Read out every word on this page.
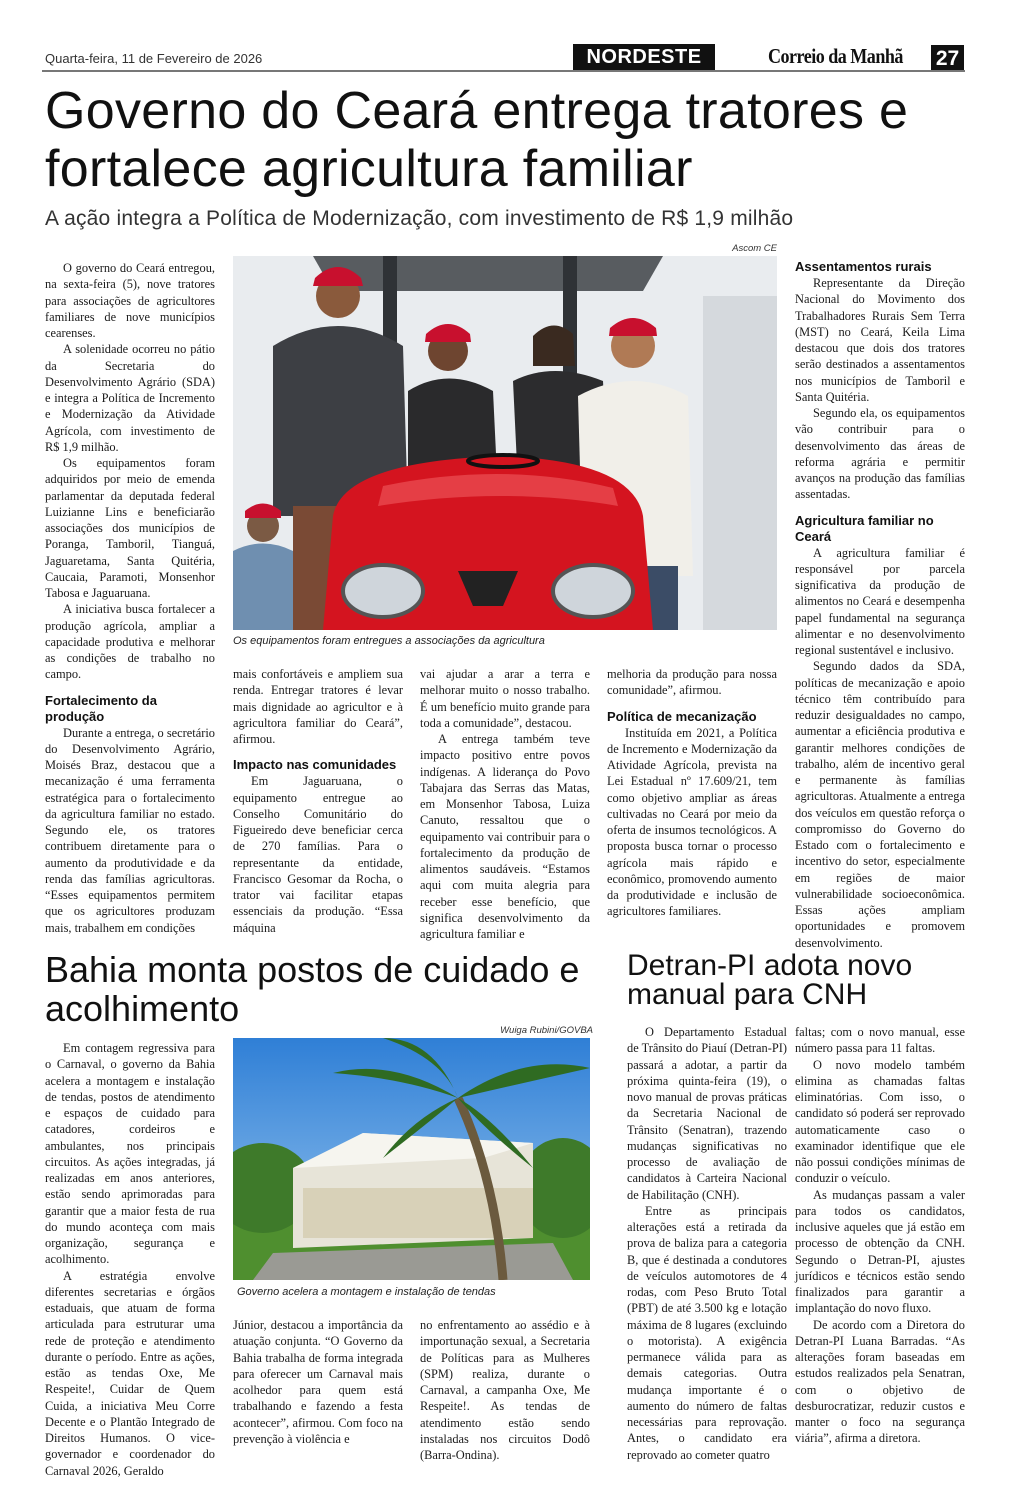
Quarta-feira, 11 de Fevereiro de 2026	NORDESTE	Correio da Manhã 27
Governo do Ceará entrega tratores e fortalece agricultura familiar
A ação integra a Política de Modernização, com investimento de R$ 1,9 milhão
Ascom CE
Os equipamentos foram entregues a associações da agricultura

O governo do Ceará entregou, na sexta-feira (5), nove tratores para associações de agricultores familiares de nove municípios cearenses.

A solenidade ocorreu no pátio da Secretaria do Desenvolvimento Agrário (SDA) e integra a Política de Incremento e Modernização da Atividade Agrícola, com investimento de R$ 1,9 milhão.

Os equipamentos foram adquiridos por meio de emenda parlamentar da deputada federal Luizianne Lins e beneficiarão associações dos municípios de Poranga, Tamboril, Tianguá, Jaguaretama, Santa Quitéria, Caucaia, Paramoti, Monsenhor Tabosa e Jaguaruana.

A iniciativa busca fortalecer a produção agrícola, ampliar a capacidade produtiva e melhorar as condições de trabalho no campo.

Fortalecimento da produção

Durante a entrega, o secretário do Desenvolvimento Agrário, Moisés Braz, destacou que a mecanização é uma ferramenta estratégica para o fortalecimento da agricultura familiar no estado. Segundo ele, os tratores contribuem diretamente para o aumento da produtividade e da renda das famílias agricultoras. “Esses equipamentos permitem que os agricultores produzam mais, trabalhem em condições

mais confortáveis e ampliem sua renda. Entregar tratores é levar mais dignidade ao agricultor e à agricultora familiar do Ceará”, afirmou.

Impacto nas comunidades

Em Jaguaruana, o equipamento entregue ao Conselho Comunitário do Figueiredo deve beneficiar cerca de 270 famílias. Para o representante da entidade, Francisco Gesomar da Rocha, o trator vai facilitar etapas essenciais da produção. “Essa máquina

vai ajudar a arar a terra e melhorar muito o nosso trabalho. É um benefício muito grande para toda a comunidade”, destacou.

A entrega também teve impacto positivo entre povos indígenas. A liderança do Povo Tabajara das Serras das Matas, em Monsenhor Tabosa, Luiza Canuto, ressaltou que o equipamento vai contribuir para o fortalecimento da produção de alimentos saudáveis. “Estamos aqui com muita alegria para receber esse benefício, que significa desenvolvimento da agricultura familiar e

melhoria da produção para nossa comunidade”, afirmou.

Política de mecanização

Instituída em 2021, a Política de Incremento e Modernização da Atividade Agrícola, prevista na Lei Estadual nº 17.609/21, tem como objetivo ampliar as áreas cultivadas no Ceará por meio da oferta de insumos tecnológicos. A proposta busca tornar o processo agrícola mais rápido e econômico, promovendo aumento da produtividade e inclusão de agricultores familiares.

Assentamentos rurais

Representante da Direção Nacional do Movimento dos Trabalhadores Rurais Sem Terra (MST) no Ceará, Keila Lima destacou que dois dos tratores serão destinados a assentamentos nos municípios de Tamboril e Santa Quitéria.

Segundo ela, os equipamentos vão contribuir para o desenvolvimento das áreas de reforma agrária e permitir avanços na produção das famílias assentadas.

Agricultura familiar no Ceará

A agricultura familiar é responsável por parcela significativa da produção de alimentos no Ceará e desempenha papel fundamental na segurança alimentar e no desenvolvimento regional sustentável e inclusivo.

Segundo dados da SDA, políticas de mecanização e apoio técnico têm contribuído para reduzir desigualdades no campo, aumentar a eficiência produtiva e garantir melhores condições de trabalho, além de incentivo geral e permanente às famílias agricultoras. Atualmente a entrega dos veículos em questão reforça o compromisso do Governo do Estado com o fortalecimento e incentivo do setor, especialmente em regiões de maior vulnerabilidade socioeconômica. Essas ações ampliam oportunidades e promovem desenvolvimento.

Bahia monta postos de cuidado e acolhimento
Wuiga Rubini/GOVBA
Governo acelera a montagem e instalação de tendas

Em contagem regressiva para o Carnaval, o governo da Bahia acelera a montagem e instalação de tendas, postos de atendimento e espaços de cuidado para catadores, cordeiros e ambulantes, nos principais circuitos. As ações integradas, já realizadas em anos anteriores, estão sendo aprimoradas para garantir que a maior festa de rua do mundo aconteça com mais organização, segurança e acolhimento.

A estratégia envolve diferentes secretarias e órgãos estaduais, que atuam de forma articulada para estruturar uma rede de proteção e atendimento durante o período. Entre as ações, estão as tendas Oxe, Me Respeite!, Cuidar de Quem Cuida, a iniciativa Meu Corre Decente e o Plantão Integrado de Direitos Humanos. O vice-governador e coordenador do Carnaval 2026, Geraldo

Júnior, destacou a importância da atuação conjunta. “O Governo da Bahia trabalha de forma integrada para oferecer um Carnaval mais acolhedor para quem está trabalhando e fazendo a festa acontecer”, afirmou. Com foco na prevenção à violência e

no enfrentamento ao assédio e à importunação sexual, a Secretaria de Políticas para as Mulheres (SPM) realiza, durante o Carnaval, a campanha Oxe, Me Respeite!. As tendas de atendimento estão sendo instaladas nos circuitos Dodô (Barra-Ondina).

Detran-PI adota novo manual para CNH

O Departamento Estadual de Trânsito do Piauí (Detran-PI) passará a adotar, a partir da próxima quinta-feira (19), o novo manual de provas práticas da Secretaria Nacional de Trânsito (Senatran), trazendo mudanças significativas no processo de avaliação de candidatos à Carteira Nacional de Habilitação (CNH).

Entre as principais alterações está a retirada da prova de baliza para a categoria B, que é destinada a condutores de veículos automotores de 4 rodas, com Peso Bruto Total (PBT) de até 3.500 kg e lotação máxima de 8 lugares (excluindo o motorista). A exigência permanece válida para as demais categorias. Outra mudança importante é o aumento do número de faltas necessárias para reprovação. Antes, o candidato era reprovado ao cometer quatro

faltas; com o novo manual, esse número passa para 11 faltas.

O novo modelo também elimina as chamadas faltas eliminatórias. Com isso, o candidato só poderá ser reprovado automaticamente caso o examinador identifique que ele não possui condições mínimas de conduzir o veículo.

As mudanças passam a valer para todos os candidatos, inclusive aqueles que já estão em processo de obtenção da CNH. Segundo o Detran-PI, ajustes jurídicos e técnicos estão sendo finalizados para garantir a implantação do novo fluxo.

De acordo com a Diretora do Detran-PI Luana Barradas. “As alterações foram baseadas em estudos realizados pela Senatran, com o objetivo de desburocratizar, reduzir custos e manter o foco na segurança viária”, afirma a diretora.
